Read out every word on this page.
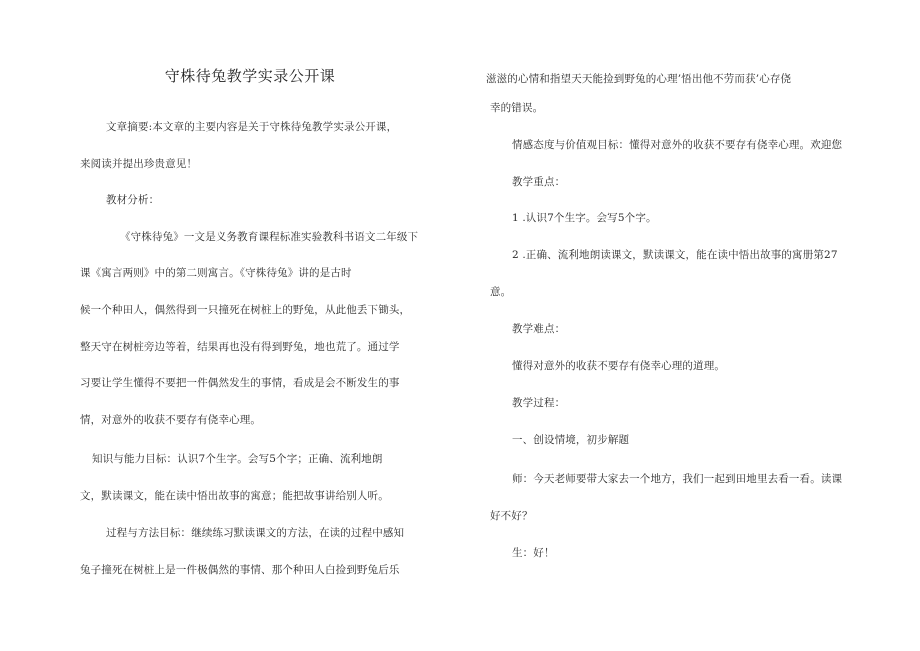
守株待兔教学实录公开课
文章摘要:本文章的主要内容是关于守株待兔教学实录公开课，
来阅读并提出珍贵意见！
教材分析：
《守株待兔》一文是义务教育课程标准实验教科书语文二年级下
课《寓言两则》中的第二则寓言。《守株待兔》讲的是古时
候一个种田人，偶然得到一只撞死在树桩上的野兔，从此他丢下锄头，
整天守在树桩旁边等着，结果再也没有得到野兔，地也荒了。通过学
习要让学生懂得不要把一件偶然发生的事情，看成是会不断发生的事
情，对意外的收获不要存有侥幸心理。
知识与能力目标：认识7个生字。会写5个字；正确、流利地朗
文，默读课文，能在读中悟出故事的寓意；能把故事讲给别人听。
过程与方法目标：继续练习默读课文的方法，在读的过程中感知
兔子撞死在树桩上是一件极偶然的事情、那个种田人白捡到野兔后乐
滋滋的心情和指望天天能捡到野兔的心理’悟出他不劳而获’心存侥
幸的错误。
情感态度与价值观目标：懂得对意外的收获不要存有侥幸心理。欢迎您
教学重点：
1 .认识7个生字。会写5个字。
2 .正确、流利地朗读课文，默读课文，能在读中悟出故事的寓册第27
意。
教学难点：
懂得对意外的收获不要存有侥幸心理的道理。
教学过程：
一、创设情境，初步解题
师：今天老师要带大家去一个地方，我们一起到田地里去看一看。读课
好不好？
生：好！
